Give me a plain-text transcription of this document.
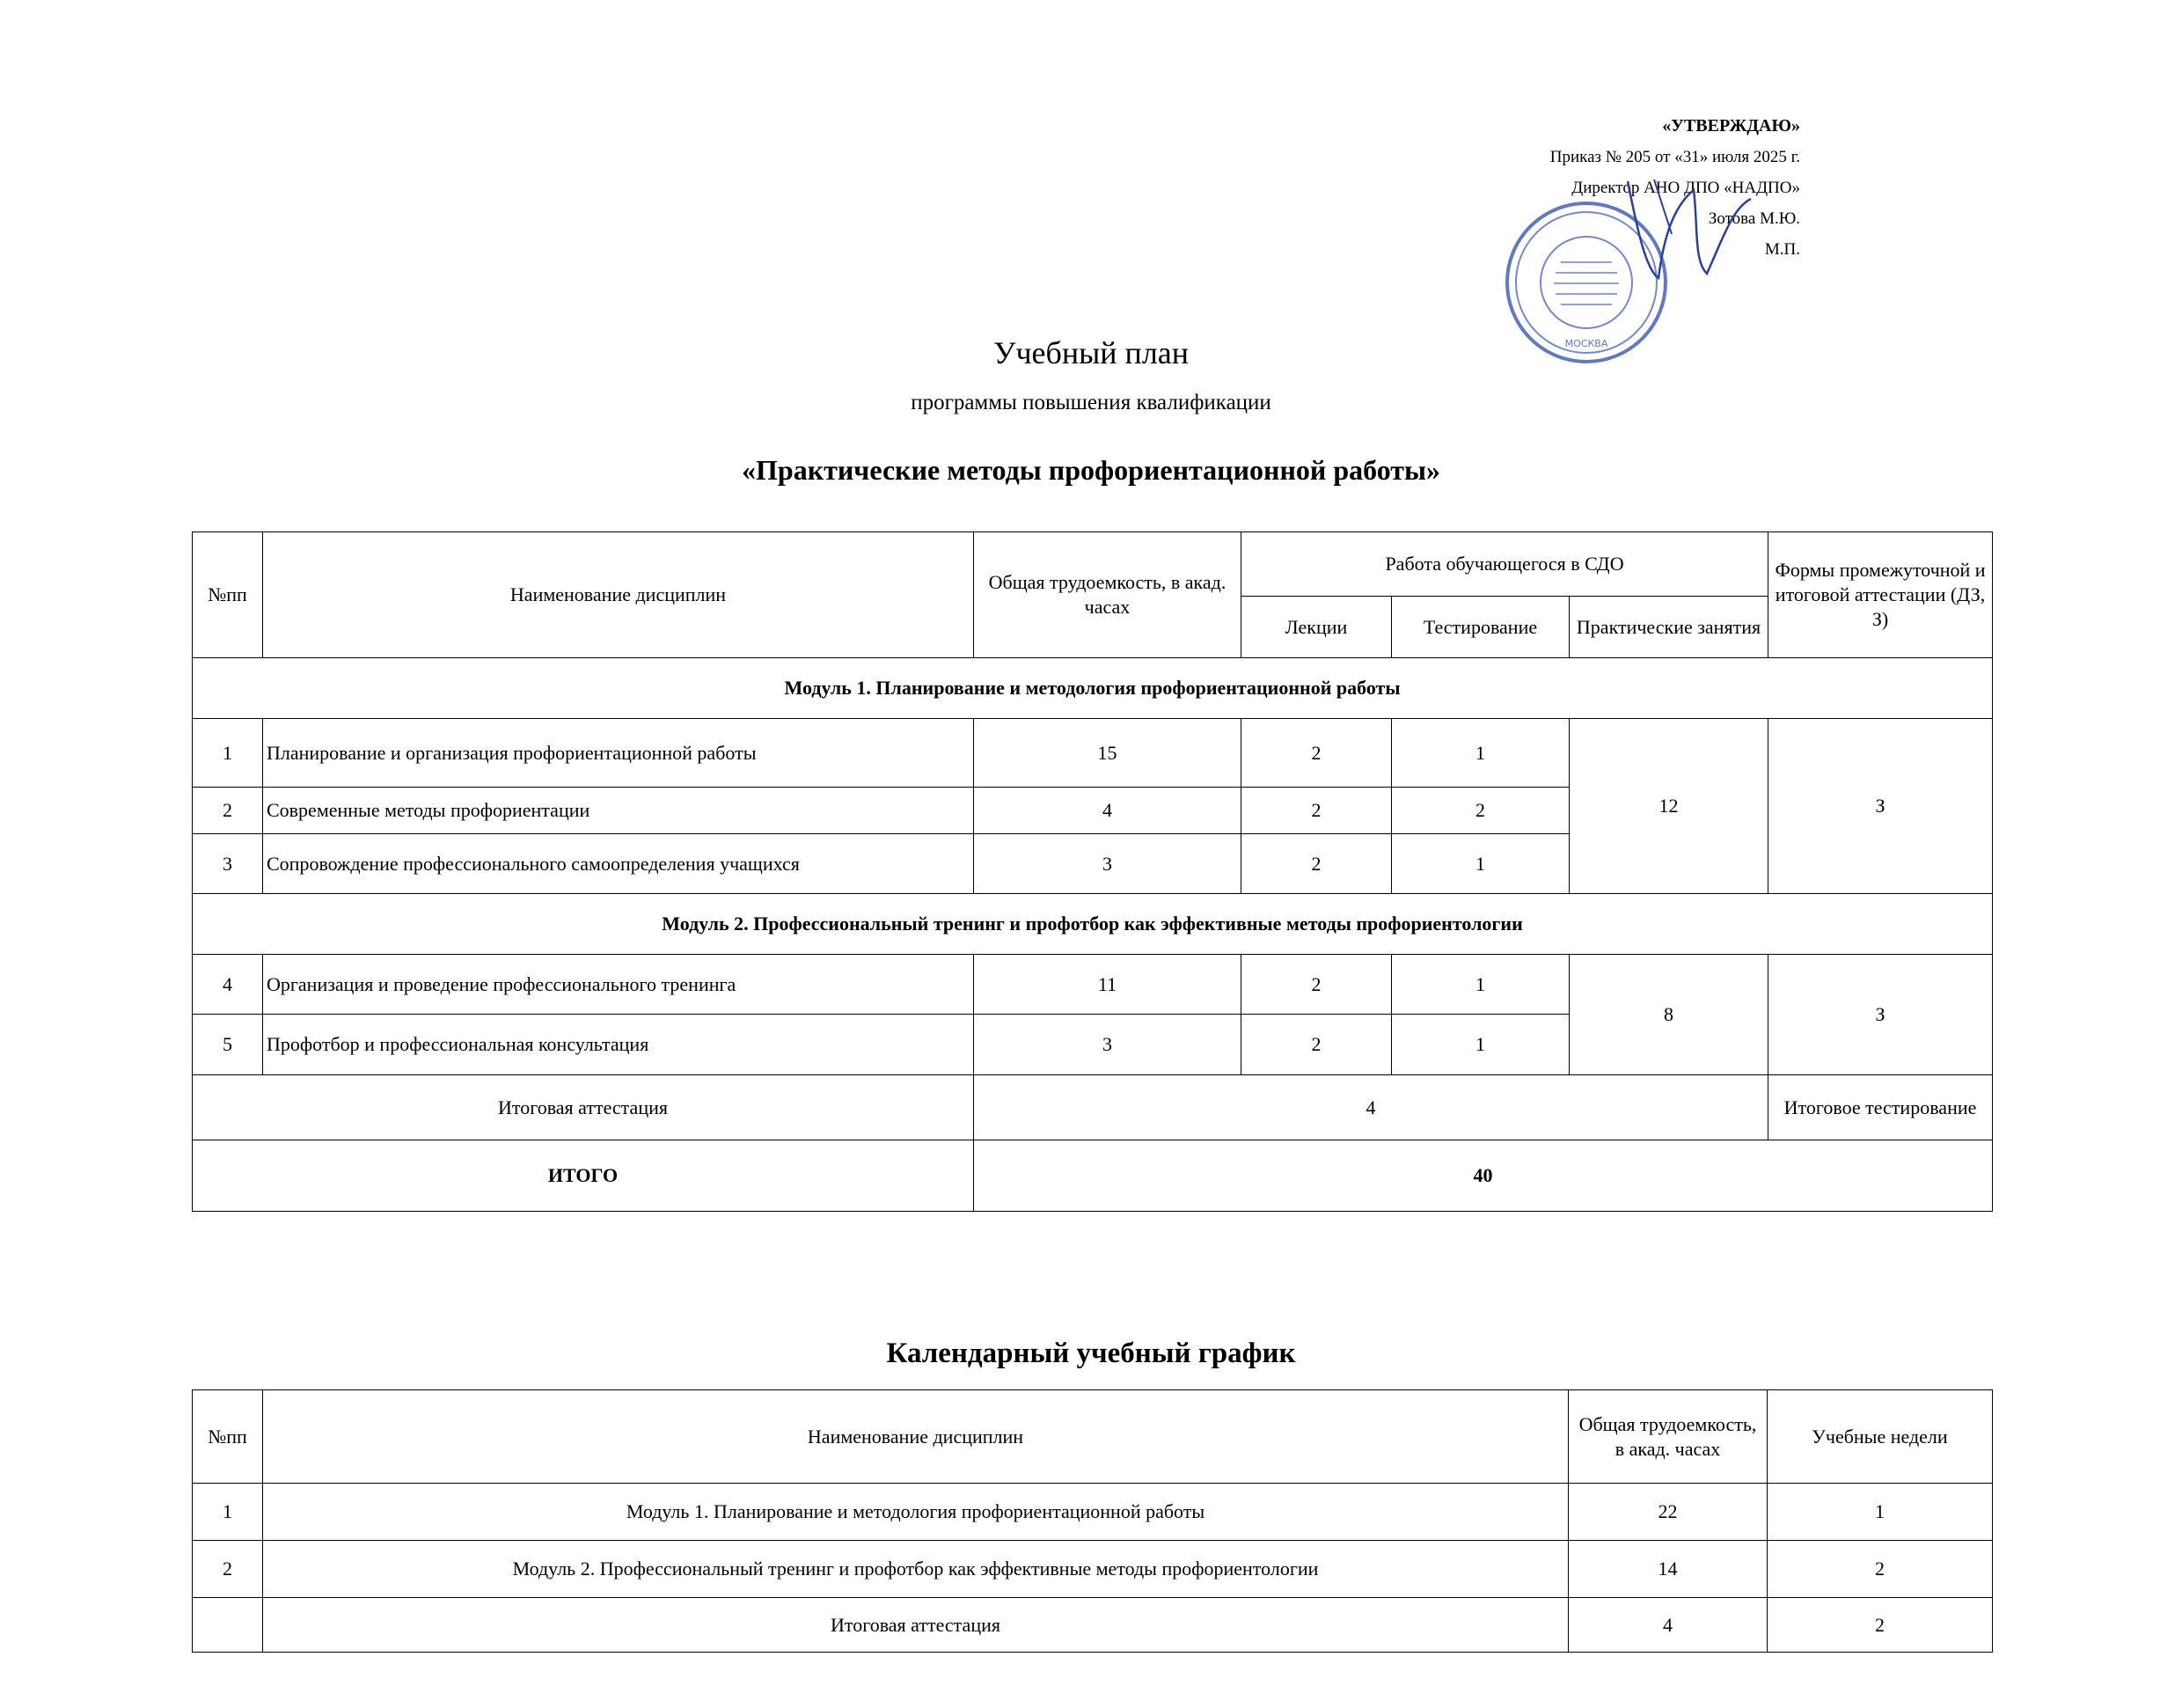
«УТВЕРЖДАЮ»
Приказ № 205 от «31» июля 2025 г.
Директор АНО ДПО «НАДПО»
Зотова М.Ю.
М.П.
МОСКВА
Учебный план
программы повышения квалификации
«Практические методы профориентационной работы»
№пп	Наименование дисциплин	Общая трудоемкость, в акад. часах	Работа обучающегося в СДО			Формы промежуточной и итоговой аттестации (ДЗ, З)
			Лекции	Тестирование	Практические занятия	
Модуль 1. Планирование и методология профориентационной работы						
1	Планирование и организация профориентационной работы	15	2	1	12	З
2	Современные методы профориентации	4	2	2		
3	Сопровождение профессионального самоопределения учащихся	3	2	1		
Модуль 2. Профессиональный тренинг и профотбор как эффективные методы профориентологии						
4	Организация и проведение профессионального тренинга	11	2	1	8	З
5	Профотбор и профессиональная консультация	3	2	1		
Итоговая аттестация		4				Итоговое тестирование
ИТОГО		40				
Календарный учебный график
№пп	Наименование дисциплин	Общая трудоемкость, в акад. часах	Учебные недели
1	Модуль 1. Планирование и методология профориентационной работы	22	1
2	Модуль 2. Профессиональный тренинг и профотбор как эффективные методы профориентологии	14	2
	Итоговая аттестация	4	2
